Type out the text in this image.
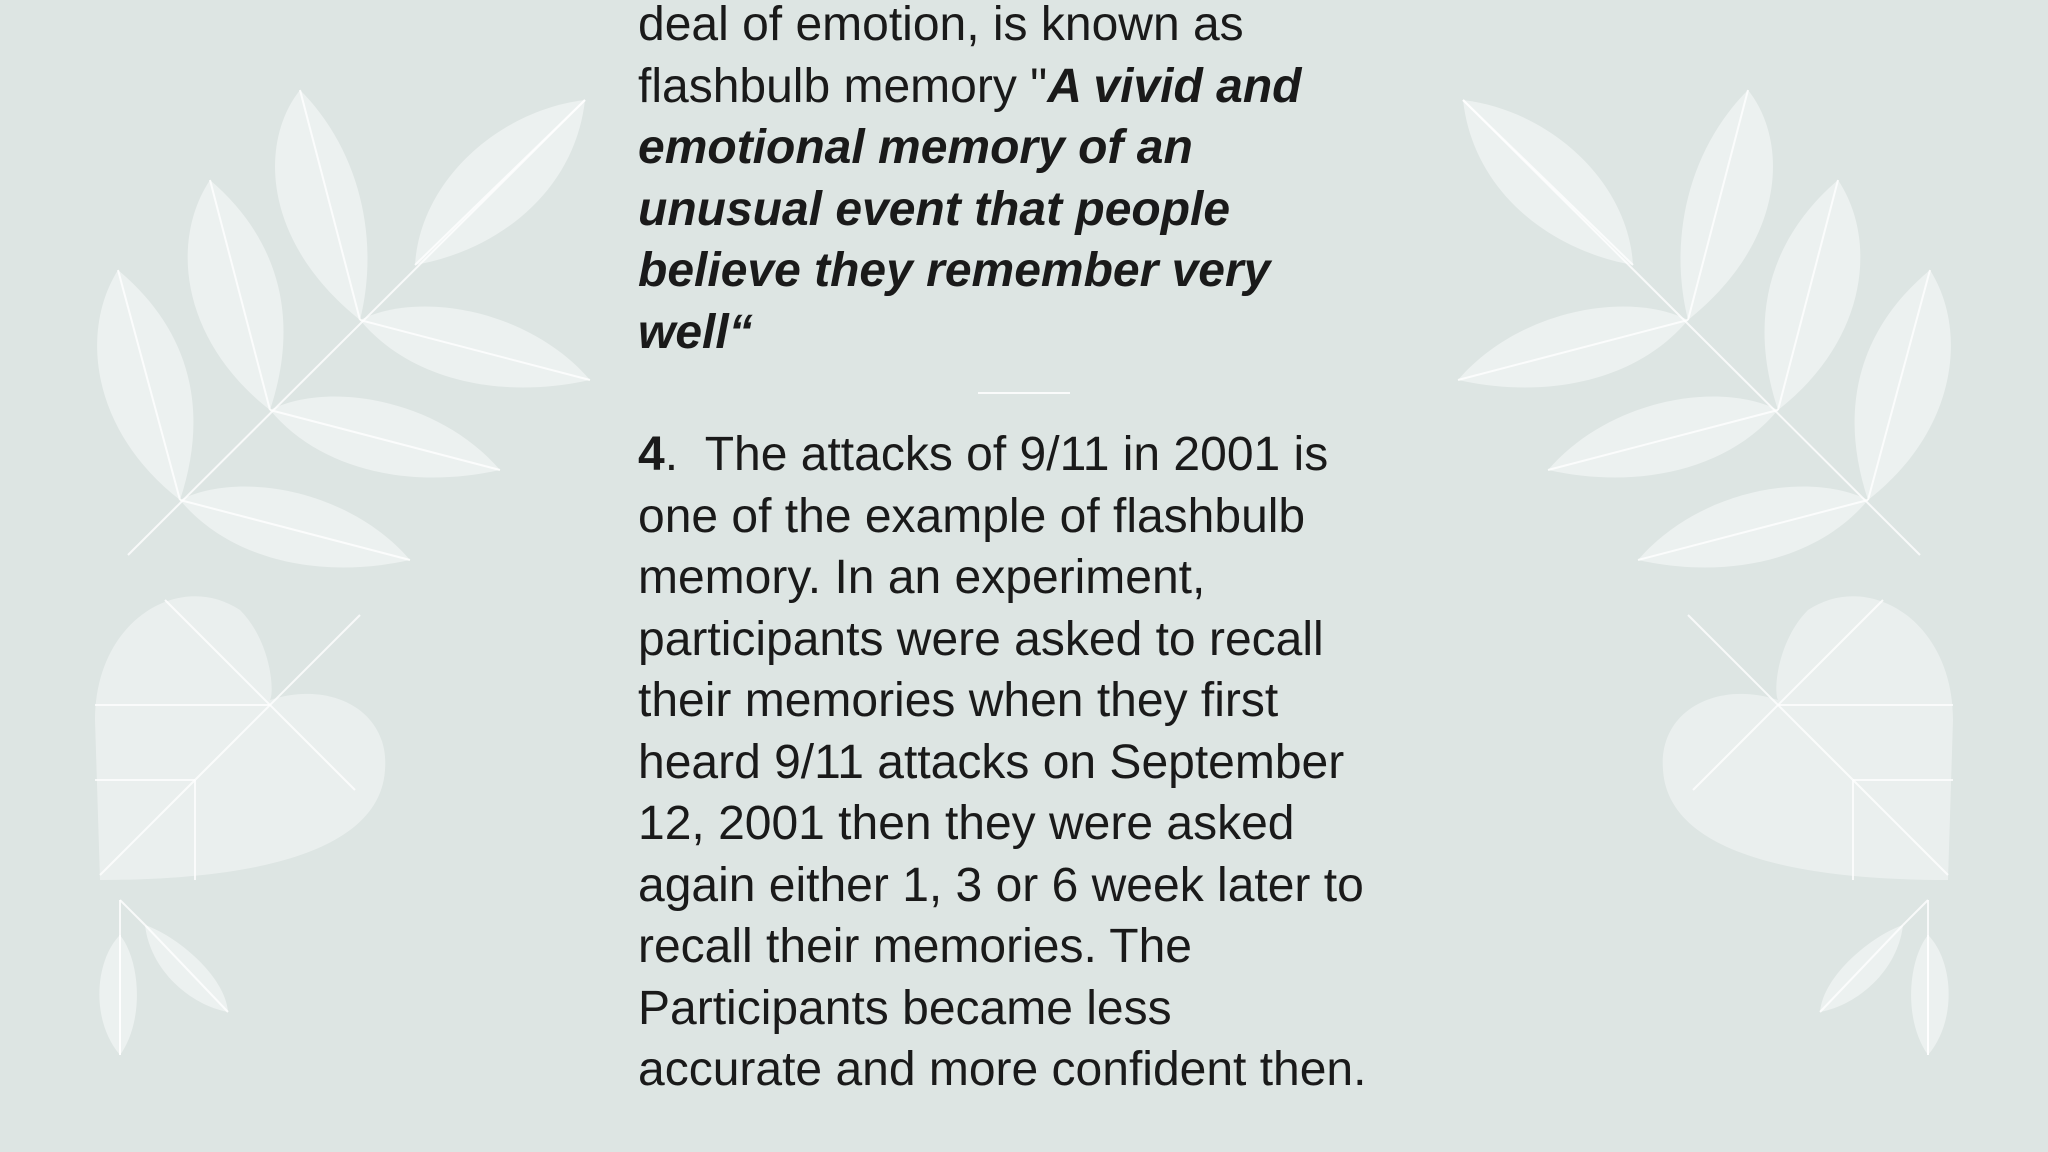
deal of emotion, is known as
flashbulb memory "A vivid and
emotional memory of an
unusual event that people
believe they remember very
well“

4. The attacks of 9/11 in 2001 is
one of the example of flashbulb
memory. In an experiment,
participants were asked to recall
their memories when they first
heard 9/11 attacks on September
12, 2001 then they were asked
again either 1, 3 or 6 week later to
recall their memories. The
Participants became less
accurate and more confident then.
